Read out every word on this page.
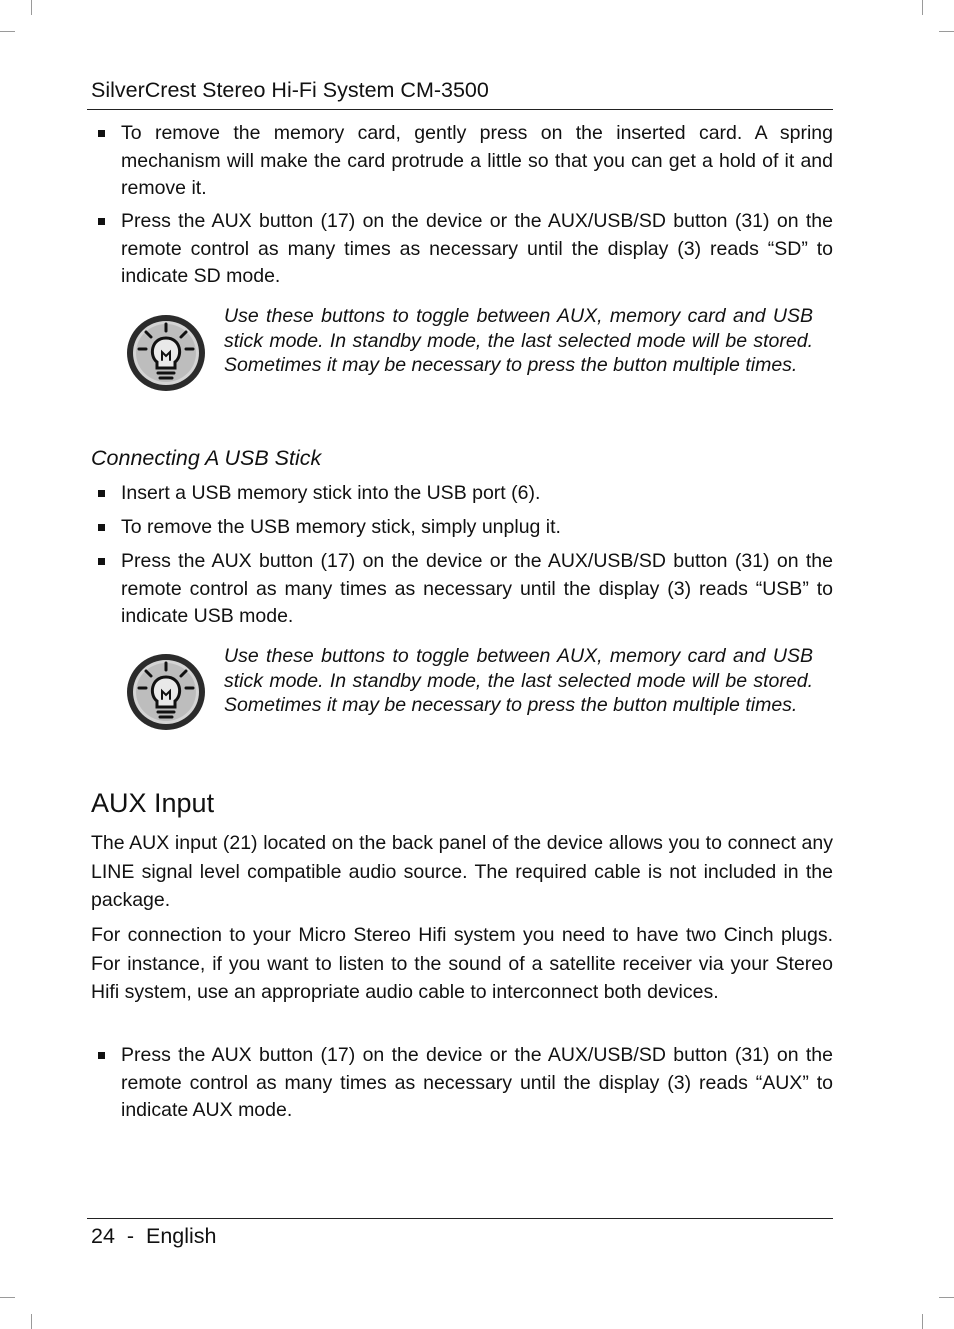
SilverCrest Stereo Hi-Fi System CM-3500
To remove the memory card, gently press on the inserted card. A spring mechanism will make the card protrude a little so that you can get a hold of it and remove it.
Press the AUX button (17) on the device or the AUX/USB/SD button (31) on the remote control as many times as necessary until the display (3) reads “SD” to indicate SD mode.
Use these buttons to toggle between AUX, memory card and USB stick mode. In standby mode, the last selected mode will be stored. Sometimes it may be necessary to press the button multiple times.
Connecting A USB Stick
Insert a USB memory stick into the USB port (6).
To remove the USB memory stick, simply unplug it.
Press the AUX button (17) on the device or the AUX/USB/SD button (31) on the remote control as many times as necessary until the display (3) reads “USB” to indicate USB mode.
Use these buttons to toggle between AUX, memory card and USB stick mode. In standby mode, the last selected mode will be stored. Sometimes it may be necessary to press the button multiple times.
AUX Input
The AUX input (21) located on the back panel of the device allows you to connect any LINE signal level compatible audio source. The required cable is not included in the package.
For connection to your Micro Stereo Hifi system you need to have two Cinch plugs. For instance, if you want to listen to the sound of a satellite receiver via your Stereo Hifi system, use an appropriate audio cable to interconnect both devices.
Press the AUX button (17) on the device or the AUX/USB/SD button (31) on the remote control as many times as necessary until the display (3) reads “AUX” to indicate AUX mode.
24 - English
